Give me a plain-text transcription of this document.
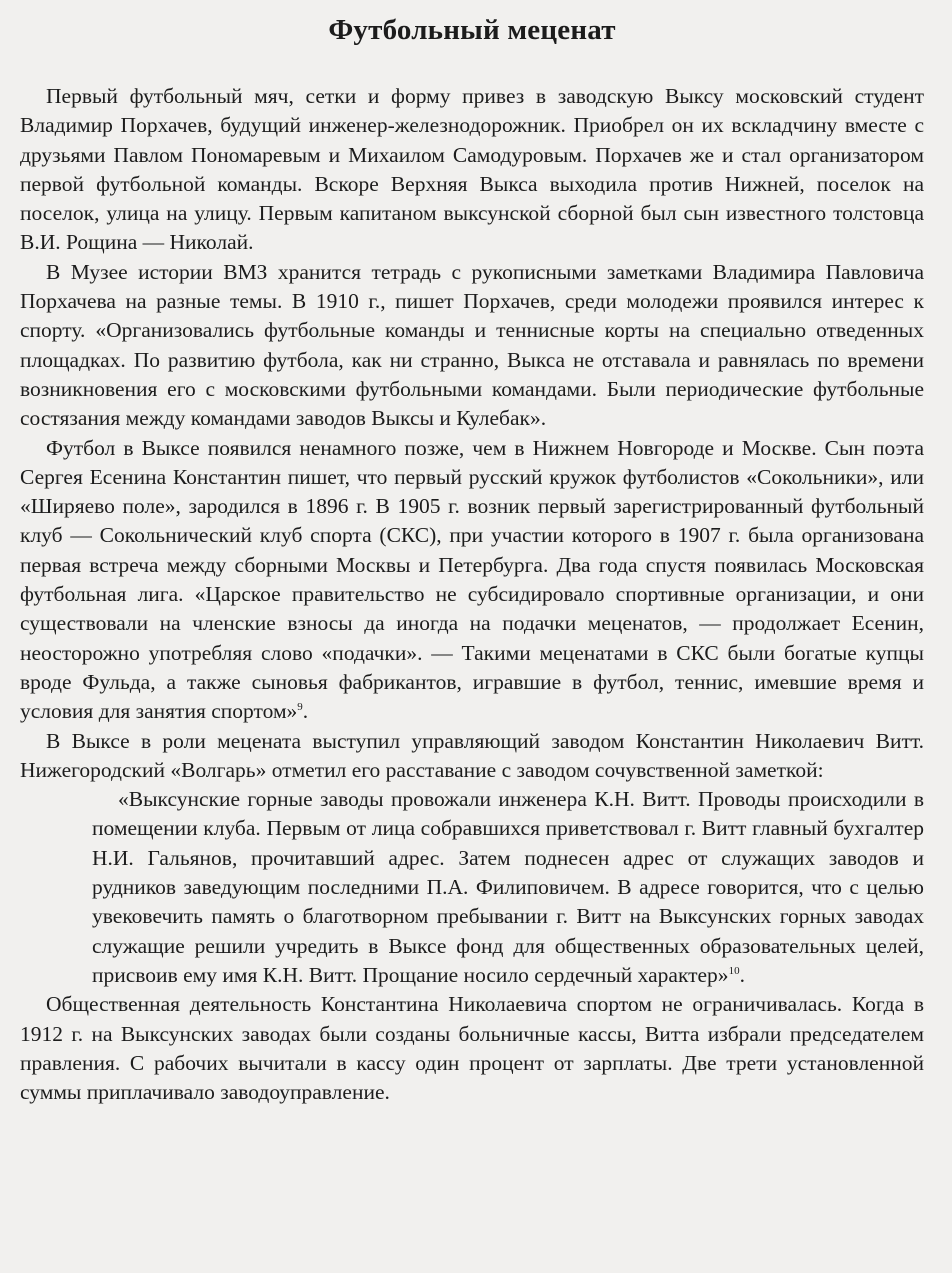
Футбольный меценат

Первый футбольный мяч, сетки и форму привез в заводскую Выксу московский студент Владимир Порхачев, будущий инженер-железнодорожник. Приобрел он их вскладчину вместе с друзьями Павлом Пономаревым и Михаилом Самодуровым. Порхачев же и стал организатором первой футбольной команды. Вскоре Верхняя Выкса выходила против Нижней, поселок на поселок, улица на улицу. Первым капитаном выксунской сборной был сын известного толстовца В.И. Рощина — Николай.

В Музее истории ВМЗ хранится тетрадь с рукописными заметками Владимира Павловича Порхачева на разные темы. В 1910 г., пишет Порхачев, среди молодежи проявился интерес к спорту. «Организовались футбольные команды и теннисные корты на специально отведенных площадках. По развитию футбола, как ни странно, Выкса не отставала и равнялась по времени возникновения его с московскими футбольными командами. Были периодические футбольные состязания между командами заводов Выксы и Кулебак».

Футбол в Выксе появился ненамного позже, чем в Нижнем Новгороде и Москве. Сын поэта Сергея Есенина Константин пишет, что первый русский кружок футболистов «Сокольники», или «Ширяево поле», зародился в 1896 г. В 1905 г. возник первый зарегистрированный футбольный клуб — Сокольнический клуб спорта (СКС), при участии которого в 1907 г. была организована первая встреча между сборными Москвы и Петербурга. Два года спустя появилась Московская футбольная лига. «Царское правительство не субсидировало спортивные организации, и они существовали на членские взносы да иногда на подачки меценатов, — продолжает Есенин, неосторожно употребляя слово «подачки». — Такими меценатами в СКС были богатые купцы вроде Фульда, а также сыновья фабрикантов, игравшие в футбол, теннис, имевшие время и условия для занятия спортом»$^9$.

В Выксе в роли мецената выступил управляющий заводом Константин Николаевич Витт. Нижегородский «Волгарь» отметил его расставание с заводом сочувственной заметкой:

«Выксунские горные заводы провожали инженера К.Н. Витт. Проводы происходили в помещении клуба. Первым от лица собравшихся приветствовал г. Витт главный бухгалтер Н.И. Гальянов, прочитавший адрес. Затем поднесен адрес от служащих заводов и рудников заведующим последними П.А. Филиповичем. В адресе говорится, что с целью увековечить память о благотворном пребывании г. Витт на Выксунских горных заводах служащие решили учредить в Выксе фонд для общественных образовательных целей, присвоив ему имя К.Н. Витт. Прощание носило сердечный характер»$^{10}$.

Общественная деятельность Константина Николаевича спортом не ограничивалась. Когда в 1912 г. на Выксунских заводах были созданы больничные кассы, Витта избрали председателем правления. С рабочих вычитали в кассу один процент от зарплаты. Две трети установленной суммы приплачивало заводоуправление.
